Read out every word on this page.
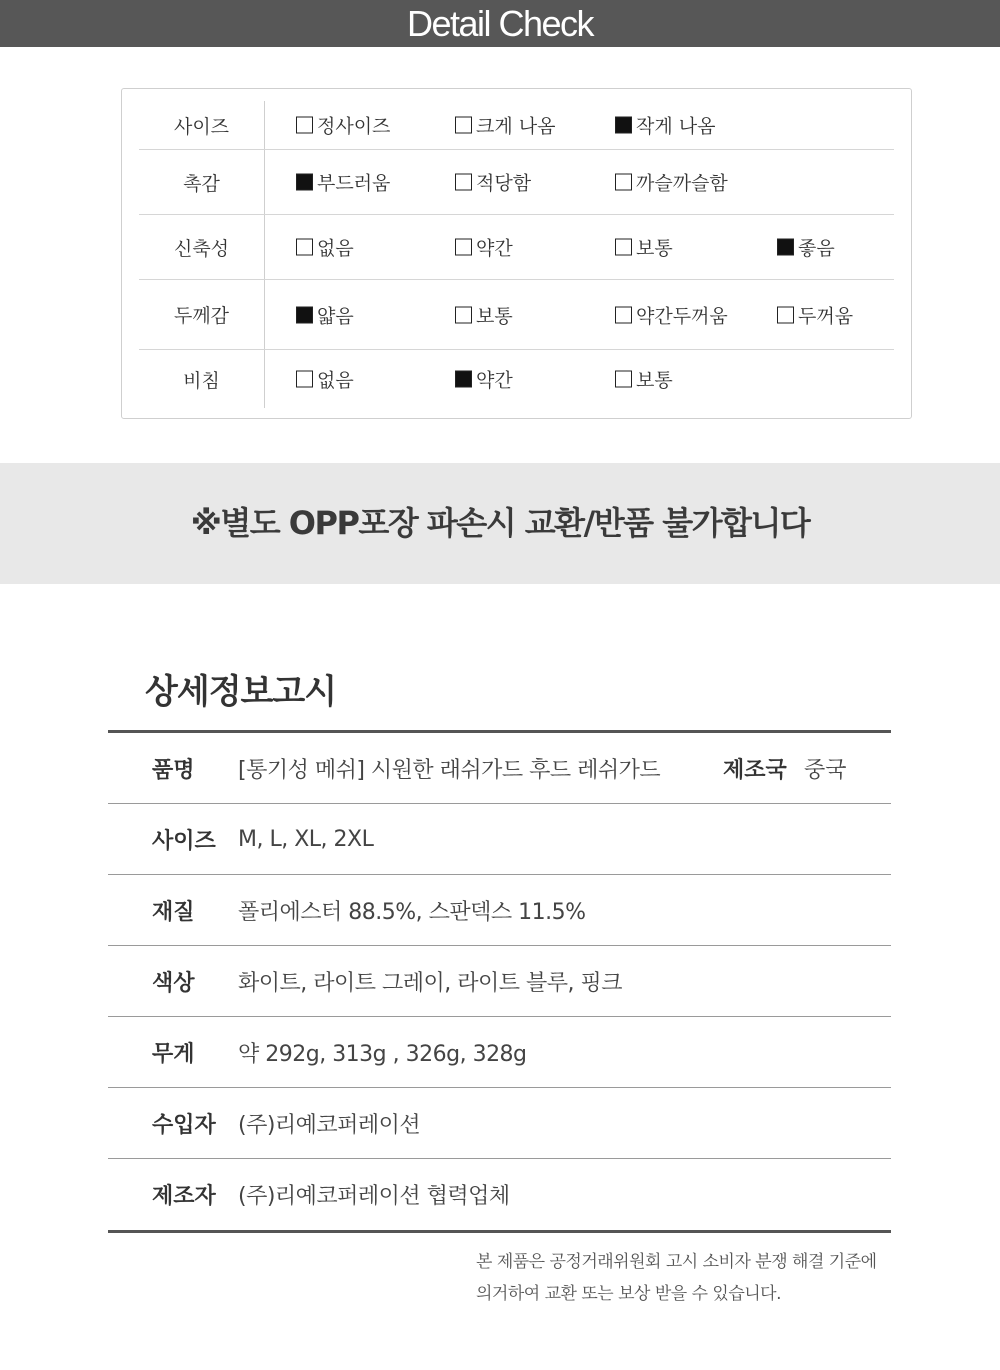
Detail Check
사이즈	정사이즈	크게 나옴	작게 나옴
촉감	부드러움	적당함	까슬까슬함
신축성	없음	약간	보통	좋음
두께감	얇음	보통	약간두꺼움	두꺼움
비침	없음	약간	보통
※별도 OPP포장 파손시 교환/반품 불가합니다
상세정보고시
품명 [통기성 메쉬] 시원한 래쉬가드 후드 레쉬가드	제조국 중국
사이즈 M, L, XL, 2XL
재질 폴리에스터 88.5%, 스판덱스 11.5%
색상 화이트, 라이트 그레이, 라이트 블루, 핑크
무게 약 292g, 313g , 326g, 328g
수입자 (주)리예코퍼레이션
제조자 (주)리예코퍼레이션 협력업체
본 제품은 공정거래위원회 고시 소비자 분쟁 해결 기준에
의거하여 교환 또는 보상 받을 수 있습니다.
